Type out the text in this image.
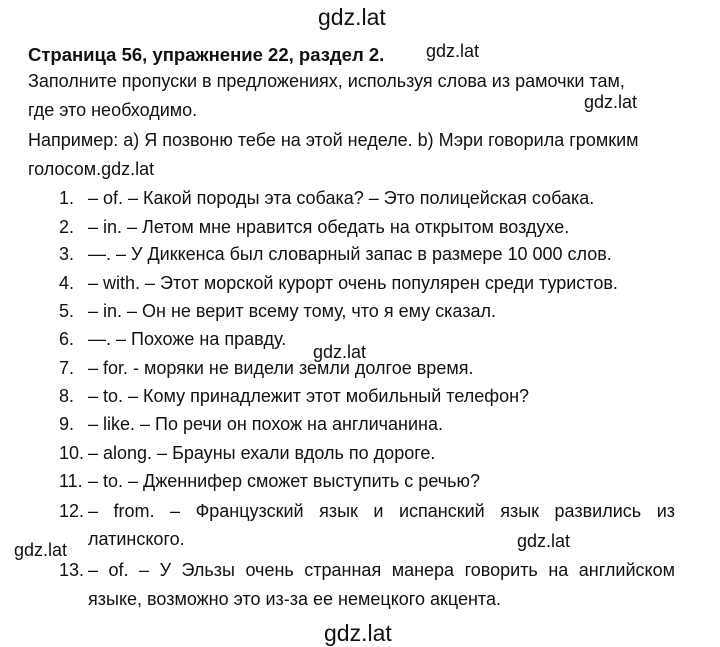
gdz.lat
Страница 56, упражнение 22, раздел 2. gdz.lat
Заполните пропуски в предложениях, используя слова из рамочки там,
gdz.lat
где это необходимо.
Например: а) Я позвоню тебе на этой неделе. b) Мэри говорила громким
голосом.gdz.lat
1. – of. – Какой породы эта собака? – Это полицейская собака.
2. – in. – Летом мне нравится обедать на открытом воздухе.
3. —. – У Диккенса был словарный запас в размере 10 000 слов.
4. – with. – Этот морской курорт очень популярен среди туристов.
5. – in. – Он не верит всему тому, что я ему сказал.
6. —. – Похоже на правду.
gdz.lat
7. – for. - моряки не видели земли долгое время.
8. – to. – Кому принадлежит этот мобильный телефон?
9. – like. – По речи он похож на англичанина.
10. – along. – Брауны ехали вдоль по дороге.
11. – to. – Дженнифер сможет выступить с речью?
12. – from. – Французский язык и испанский язык развились из
латинского.
gdz.lat	gdz.lat
13. – of. – У Эльзы очень странная манера говорить на английском
языке, возможно это из-за ее немецкого акцента.
gdz.lat
